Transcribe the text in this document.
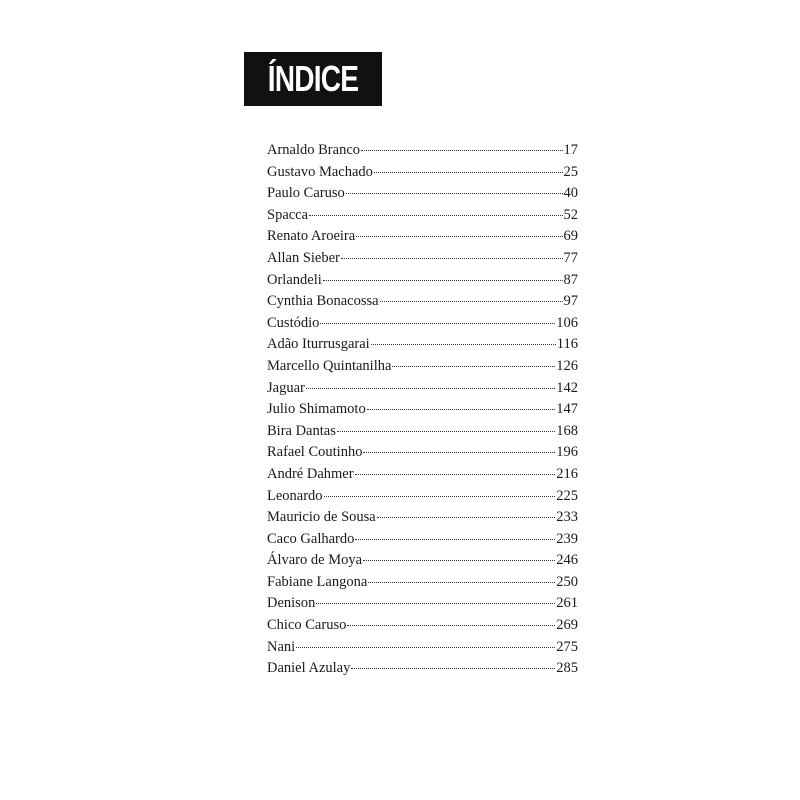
ÍNDICE
Arnaldo Branco	17
Gustavo Machado	25
Paulo Caruso	40
Spacca	52
Renato Aroeira	69
Allan Sieber	77
Orlandeli	87
Cynthia Bonacossa	97
Custódio	106
Adão Iturrusgarai	116
Marcello Quintanilha	126
Jaguar	142
Julio Shimamoto	147
Bira Dantas	168
Rafael Coutinho	196
André Dahmer	216
Leonardo	225
Mauricio de Sousa	233
Caco Galhardo	239
Álvaro de Moya	246
Fabiane Langona	250
Denison	261
Chico Caruso	269
Nani	275
Daniel Azulay	285
